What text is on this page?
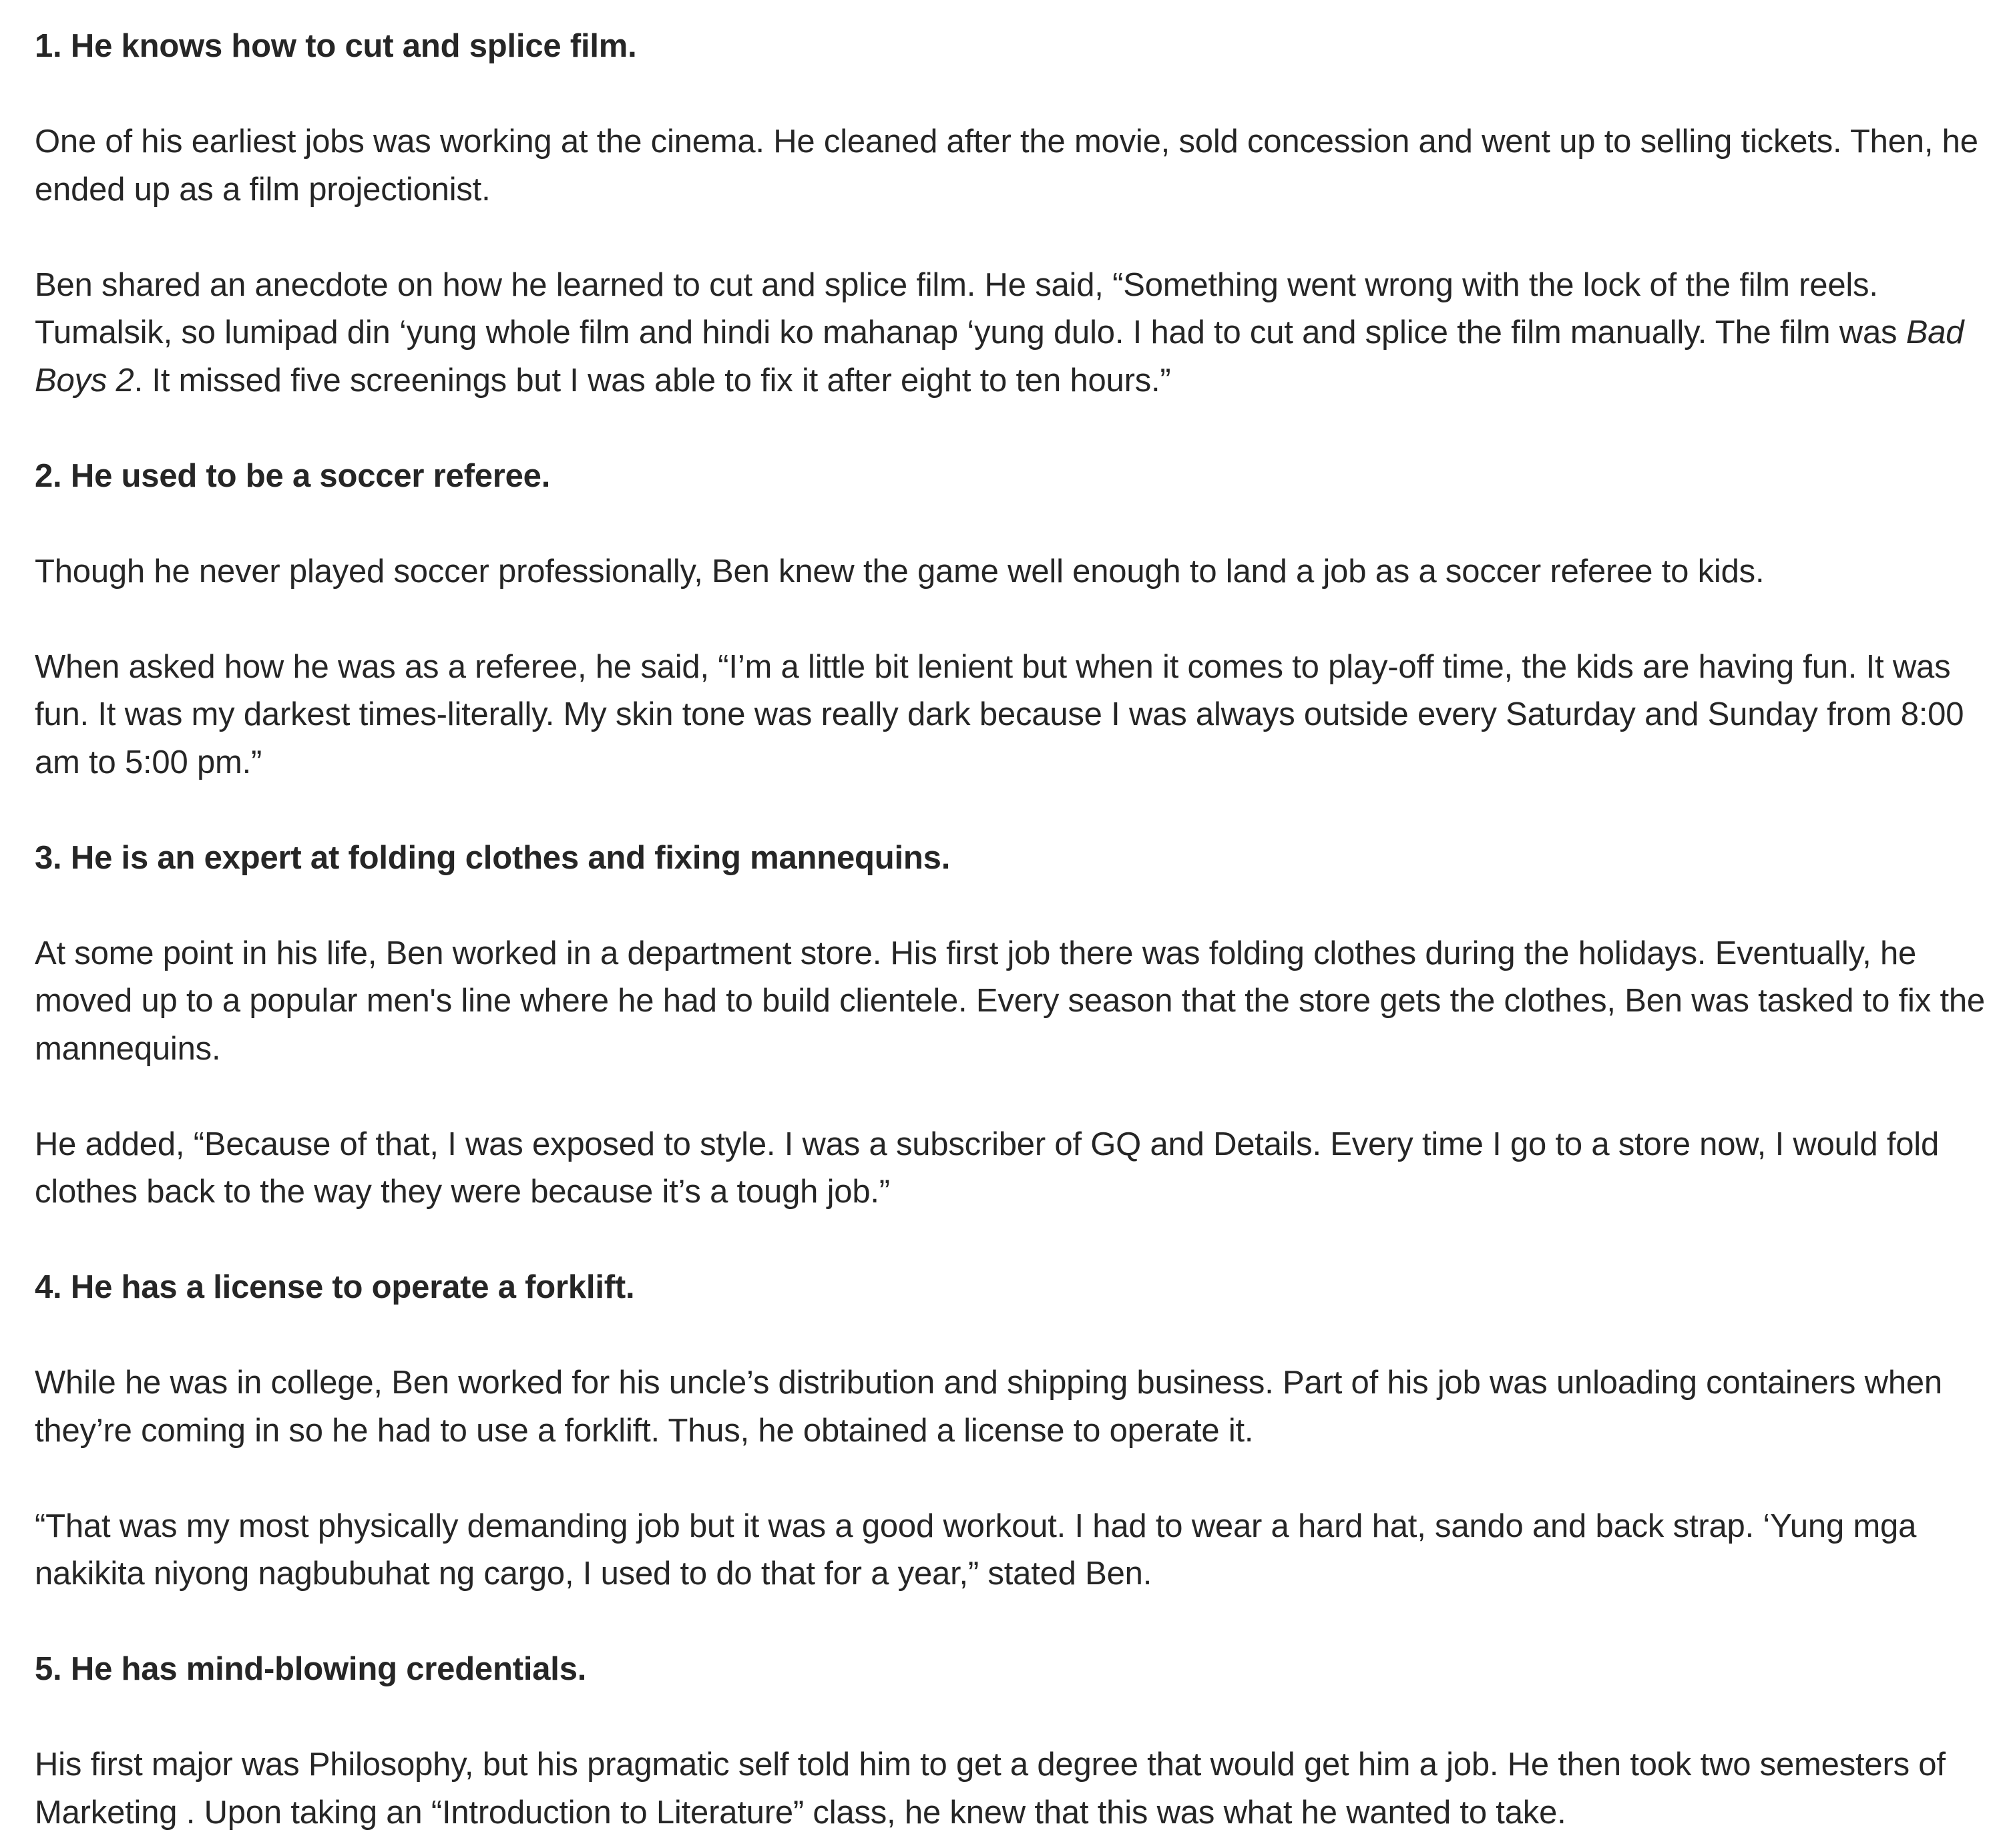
1. He knows how to cut and splice film.

One of his earliest jobs was working at the cinema. He cleaned after the movie, sold concession and went up to selling tickets. Then, he ended up as a film projectionist.

Ben shared an anecdote on how he learned to cut and splice film. He said, “Something went wrong with the lock of the film reels. Tumalsik, so lumipad din ‘yung whole film and hindi ko mahanap ‘yung dulo. I had to cut and splice the film manually. The film was Bad Boys 2. It missed five screenings but I was able to fix it after eight to ten hours.”

2. He used to be a soccer referee.

Though he never played soccer professionally, Ben knew the game well enough to land a job as a soccer referee to kids.

When asked how he was as a referee, he said, “I’m a little bit lenient but when it comes to play-off time, the kids are having fun. It was fun. It was my darkest times-literally. My skin tone was really dark because I was always outside every Saturday and Sunday from 8:00 am to 5:00 pm.”

3. He is an expert at folding clothes and fixing mannequins.

At some point in his life, Ben worked in a department store. His first job there was folding clothes during the holidays. Eventually, he moved up to a popular men's line where he had to build clientele. Every season that the store gets the clothes, Ben was tasked to fix the mannequins.

He added, “Because of that, I was exposed to style. I was a subscriber of GQ and Details. Every time I go to a store now, I would fold clothes back to the way they were because it’s a tough job.”

4. He has a license to operate a forklift.

While he was in college, Ben worked for his uncle’s distribution and shipping business. Part of his job was unloading containers when they’re coming in so he had to use a forklift. Thus, he obtained a license to operate it.

“That was my most physically demanding job but it was a good workout. I had to wear a hard hat, sando and back strap. ‘Yung mga nakikita niyong nagbubuhat ng cargo, I used to do that for a year,” stated Ben.

5. He has mind-blowing credentials.

His first major was Philosophy, but his pragmatic self told him to get a degree that would get him a job. He then took two semesters of Marketing . Upon taking an “Introduction to Literature” class, he knew that this was what he wanted to take.
